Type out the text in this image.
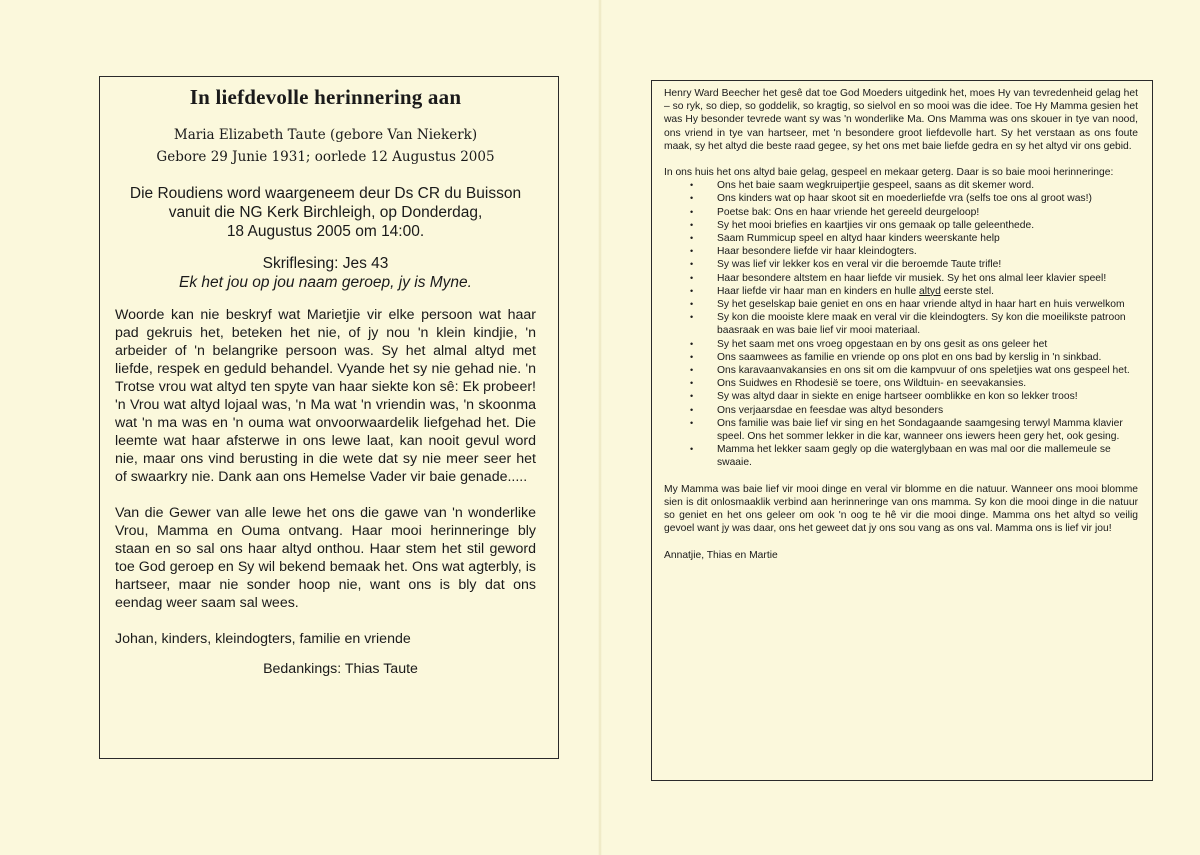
In liefdevolle herinnering aan
Maria Elizabeth Taute (gebore Van Niekerk)
Gebore 29 Junie 1931; oorlede 12 Augustus 2005
Die Roudiens word waargeneem deur Ds CR du Buisson
vanuit die NG Kerk Birchleigh, op Donderdag,
18 Augustus 2005 om 14:00.
Skriflesing: Jes 43
Ek het jou op jou naam geroep, jy is Myne.

Woorde kan nie beskryf wat Marietjie vir elke persoon wat haar pad gekruis het, beteken het nie, of jy nou 'n klein kindjie, 'n arbeider of 'n belangrike persoon was. Sy het almal altyd met liefde, respek en geduld behandel. Vyande het sy nie gehad nie. 'n Trotse vrou wat altyd ten spyte van haar siekte kon sê: Ek probeer! 'n Vrou wat altyd lojaal was, 'n Ma wat 'n vriendin was, 'n skoonma wat 'n ma was en 'n ouma wat onvoorwaardelik liefgehad het. Die leemte wat haar afsterwe in ons lewe laat, kan nooit gevul word nie, maar ons vind berusting in die wete dat sy nie meer seer het of swaarkry nie. Dank aan ons Hemelse Vader vir baie genade.....

Van die Gewer van alle lewe het ons die gawe van 'n wonderlike Vrou, Mamma en Ouma ontvang. Haar mooi herinneringe bly staan en so sal ons haar altyd onthou. Haar stem het stil geword toe God geroep en Sy wil bekend bemaak het. Ons wat agterbly, is hartseer, maar nie sonder hoop nie, want ons is bly dat ons eendag weer saam sal wees.

Johan, kinders, kleindogters, familie en vriende
Bedankings: Thias Taute

Henry Ward Beecher het gesê dat toe God Moeders uitgedink het, moes Hy van tevredenheid gelag het – so ryk, so diep, so goddelik, so kragtig, so sielvol en so mooi was die idee. Toe Hy Mamma gesien het was Hy besonder tevrede want sy was 'n wonderlike Ma. Ons Mamma was ons skouer in tye van nood, ons vriend in tye van hartseer, met 'n besondere groot liefdevolle hart. Sy het verstaan as ons foute maak, sy het altyd die beste raad gegee, sy het ons met baie liefde gedra en sy het altyd vir ons gebid.

In ons huis het ons altyd baie gelag, gespeel en mekaar geterg. Daar is so baie mooi herinneringe:

• Ons het baie saam wegkruipertjie gespeel, saans as dit skemer word.
• Ons kinders wat op haar skoot sit en moederliefde vra (selfs toe ons al groot was!)
• Poetse bak: Ons en haar vriende het gereeld deurgeloop!
• Sy het mooi briefies en kaartjies vir ons gemaak op talle geleenthede.
• Saam Rummicup speel en altyd haar kinders weerskante help
• Haar besondere liefde vir haar kleindogters.
• Sy was lief vir lekker kos en veral vir die beroemde Taute trifle!
• Haar besondere altstem en haar liefde vir musiek. Sy het ons almal leer klavier speel!
• Haar liefde vir haar man en kinders en hulle altyd eerste stel.
• Sy het geselskap baie geniet en ons en haar vriende altyd in haar hart en huis verwelkom
• Sy kon die mooiste klere maak en veral vir die kleindogters. Sy kon die moeilikste patroon baasraak en was baie lief vir mooi materiaal.
• Sy het saam met ons vroeg opgestaan en by ons gesit as ons geleer het
• Ons saamwees as familie en vriende op ons plot en ons bad by kerslig in 'n sinkbad.
• Ons karavaanvakansies en ons sit om die kampvuur of ons speletjies wat ons gespeel het.
• Ons Suidwes en Rhodesië se toere, ons Wildtuin- en seevakansies.
• Sy was altyd daar in siekte en enige hartseer oomblikke en kon so lekker troos!
• Ons verjaarsdae en feesdae was altyd besonders
• Ons familie was baie lief vir sing en het Sondagaande saamgesing terwyl Mamma klavier speel. Ons het sommer lekker in die kar, wanneer ons iewers heen gery het, ook gesing.
• Mamma het lekker saam gegly op die waterglybaan en was mal oor die mallemeule se swaaie.

My Mamma was baie lief vir mooi dinge en veral vir blomme en die natuur. Wanneer ons mooi blomme sien is dit onlosmaaklik verbind aan herinneringe van ons mamma. Sy kon die mooi dinge in die natuur so geniet en het ons geleer om ook 'n oog te hê vir die mooi dinge. Mamma ons het altyd so veilig gevoel want jy was daar, ons het geweet dat jy ons sou vang as ons val. Mamma ons is lief vir jou!

Annatjie, Thias en Martie
